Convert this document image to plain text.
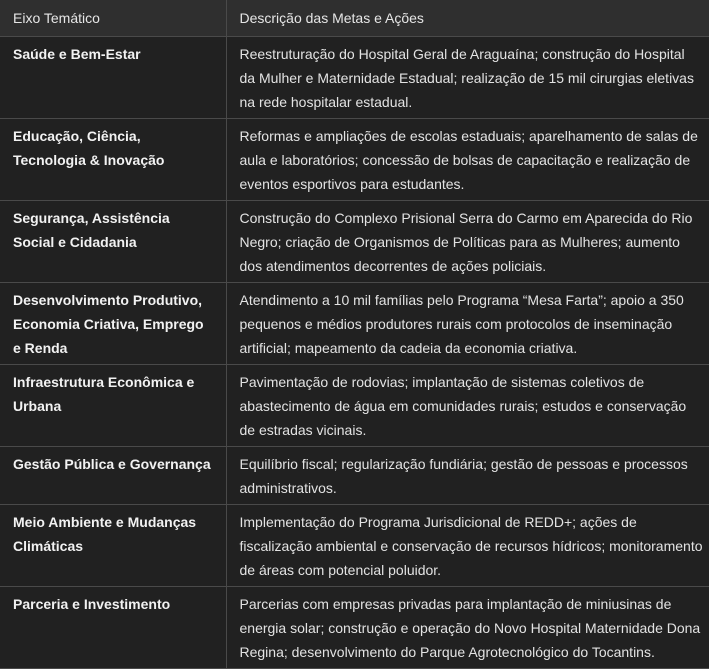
Eixo Temático	Descrição das Metas e Ações
Saúde e Bem-Estar	Reestruturação do Hospital Geral de Araguaína; construção do Hospital da Mulher e Maternidade Estadual; realização de 15 mil cirurgias eletivas na rede hospitalar estadual.
Educação, Ciência, Tecnologia & Inovação	Reformas e ampliações de escolas estaduais; aparelhamento de salas de aula e laboratórios; concessão de bolsas de capacitação e realização de eventos esportivos para estudantes.
Segurança, Assistência Social e Cidadania	Construção do Complexo Prisional Serra do Carmo em Aparecida do Rio Negro; criação de Organismos de Políticas para as Mulheres; aumento dos atendimentos decorrentes de ações policiais.
Desenvolvimento Produtivo, Economia Criativa, Emprego e Renda	Atendimento a 10 mil famílias pelo Programa “Mesa Farta”; apoio a 350 pequenos e médios produtores rurais com protocolos de inseminação artificial; mapeamento da cadeia da economia criativa.
Infraestrutura Econômica e Urbana	Pavimentação de rodovias; implantação de sistemas coletivos de abastecimento de água em comunidades rurais; estudos e conservação de estradas vicinais.
Gestão Pública e Governança	Equilíbrio fiscal; regularização fundiária; gestão de pessoas e processos administrativos.
Meio Ambiente e Mudanças Climáticas	Implementação do Programa Jurisdicional de REDD+; ações de fiscalização ambiental e conservação de recursos hídricos; monitoramento de áreas com potencial poluidor.
Parceria e Investimento	Parcerias com empresas privadas para implantação de miniusinas de energia solar; construção e operação do Novo Hospital Maternidade Dona Regina; desenvolvimento do Parque Agrotecnológico do Tocantins.
